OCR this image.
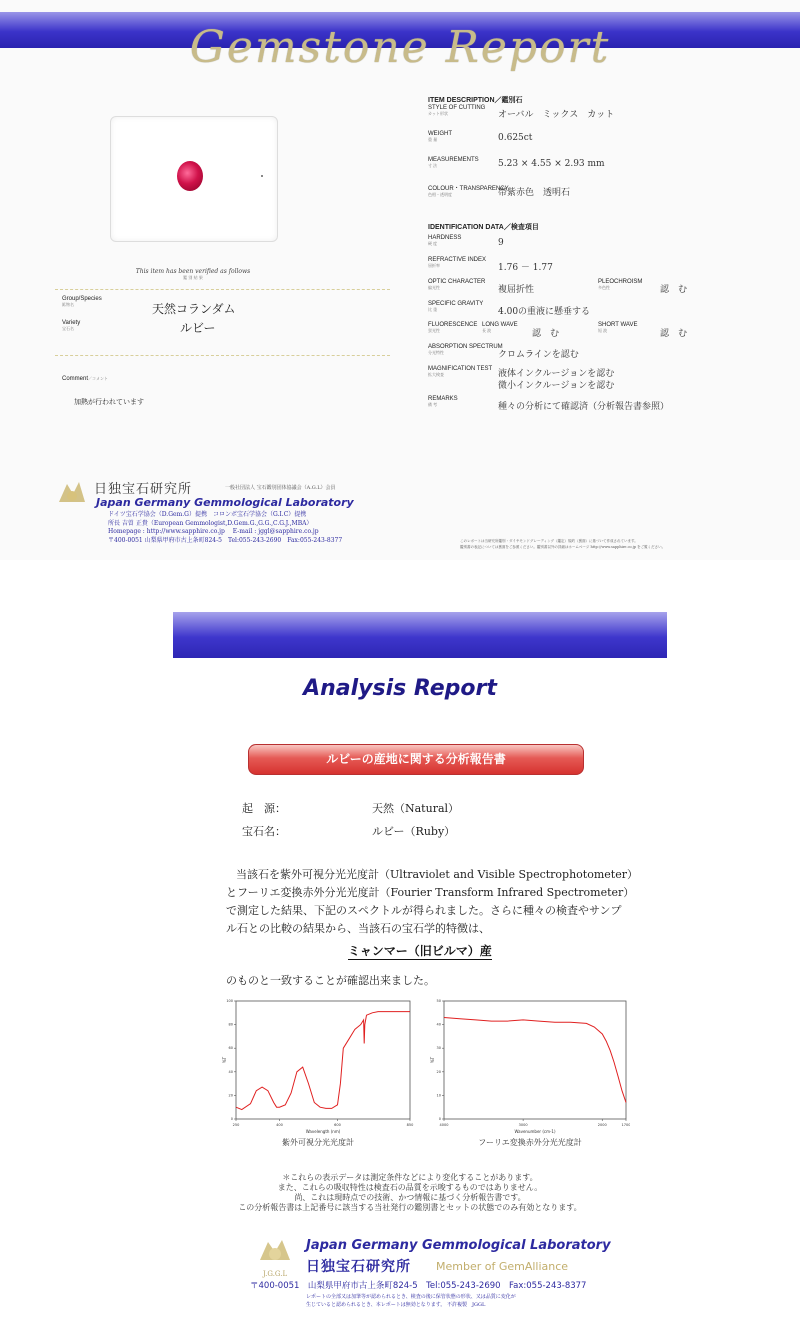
Gemstone Report
This item has been verified as follows
鑑 別 結 果
Group/Species
鉱物名	天然コランダム
Variety
宝石名	ルビー
Comment／コメント
加熱が行われています
日独宝石研究所	一般社団法人 宝石鑑別団体協議会（A.G.L）会員
Japan Germany Gemmological Laboratory
ドイツ宝石学協会（D.Gem.G）提携　コロンボ宝石学協会（G.I.C）提携
所長 吉曽 正貴（European Gemmologist,D.Gem.G.,G.G.,C.G.J.,MBA）
Homepage : http://www.sapphire.co.jp　 E-mail : jggl@sapphire.co.jp
〒400-0051 山梨県甲府市古上条町824-5　Tel:055-243-2690　Fax:055-243-8377
ITEM DESCRIPTION／鑑別石
STYLE OF CUTTING
カット形状	オーバル　ミックス　カット
WEIGHT
重 量	0.625ct
MEASUREMENTS
寸 法	5.23 × 4.55 × 2.93 mm
COLOUR・TRANSPARENCY
色相・透明度	帯紫赤色　透明石
IDENTIFICATION DATA／検査項目
HARDNESS
硬 度	9
REFRACTIVE INDEX
屈折率	1.76 － 1.77
OPTIC CHARACTER
偏光性	複屈折性
PLEOCHROISM
多色性	認　む
SPECIFIC GRAVITY
比 重	4.00の重液に懸垂する
FLUORESCENCE
蛍光性
LONG WAVE
長 波	認　む
SHORT WAVE
短 波	認　む
ABSORPTION SPECTRUM
分光特性	クロムラインを認む
MAGNIFICATION TEST
拡大検査	液体インクルージョンを認む
微小インクルージョンを認む
REMARKS
備 考	種々の分析にて確認済（分析報告書参照）
このレポートは当研究所鑑別・ダイヤモンドグレーディング（鑑定）規約（裏面）に基づいて作成されています。
鑑別書の表記については裏面をご参照ください。鑑別書以外の詳細はホームページ http://www.sapphire.co.jp をご覧ください。
Analysis Report
ルビーの産地に関する分析報告書
起　源：	天然（Natural）
宝石名：	ルビー（Ruby）
当該石を紫外可視分光光度計（Ultraviolet and Visible Spectrophotometer）
とフーリエ変換赤外分光光度計（Fourier Transform Infrared Spectrometer）
で測定した結果、下記のスペクトルが得られました。さらに種々の検査やサンプ
ル石との比較の結果から、当該石の宝石学的特徴は、
ミャンマー（旧ビルマ）産
のものと一致することが確認出来ました。
250	400	600	850
100
80
60
40
20
0
Wavelength (nm)
%T
紫外可視分光光度計
4000	3000	2000	1700
50
40
30
20
10
0
Wavenumber (cm-1)
%T
フーリエ変換赤外分光光度計
＊これらの表示データは測定条件などにより変化することがあります。
また、これらの吸収特性は検査石の品質を示唆するものではありません。
尚、これは現時点での技術、かつ情報に基づく分析報告書です。
この分析報告書は上記番号に該当する当社発行の鑑別書とセットの状態でのみ有効となります。
J.G.G.L
Japan Germany Gemmological Laboratory
日独宝石研究所 Member of GemAlliance
〒400-0051　山梨県甲府市古上条町824-5　Tel:055-243-2690　Fax:055-243-8377
レポートの全部又は加筆等が認められるとき、検査の後に保管状態の形状、又は品質に変化が
生じていると認められるとき、本レポートは無効となります。 不許複製　JGGL
